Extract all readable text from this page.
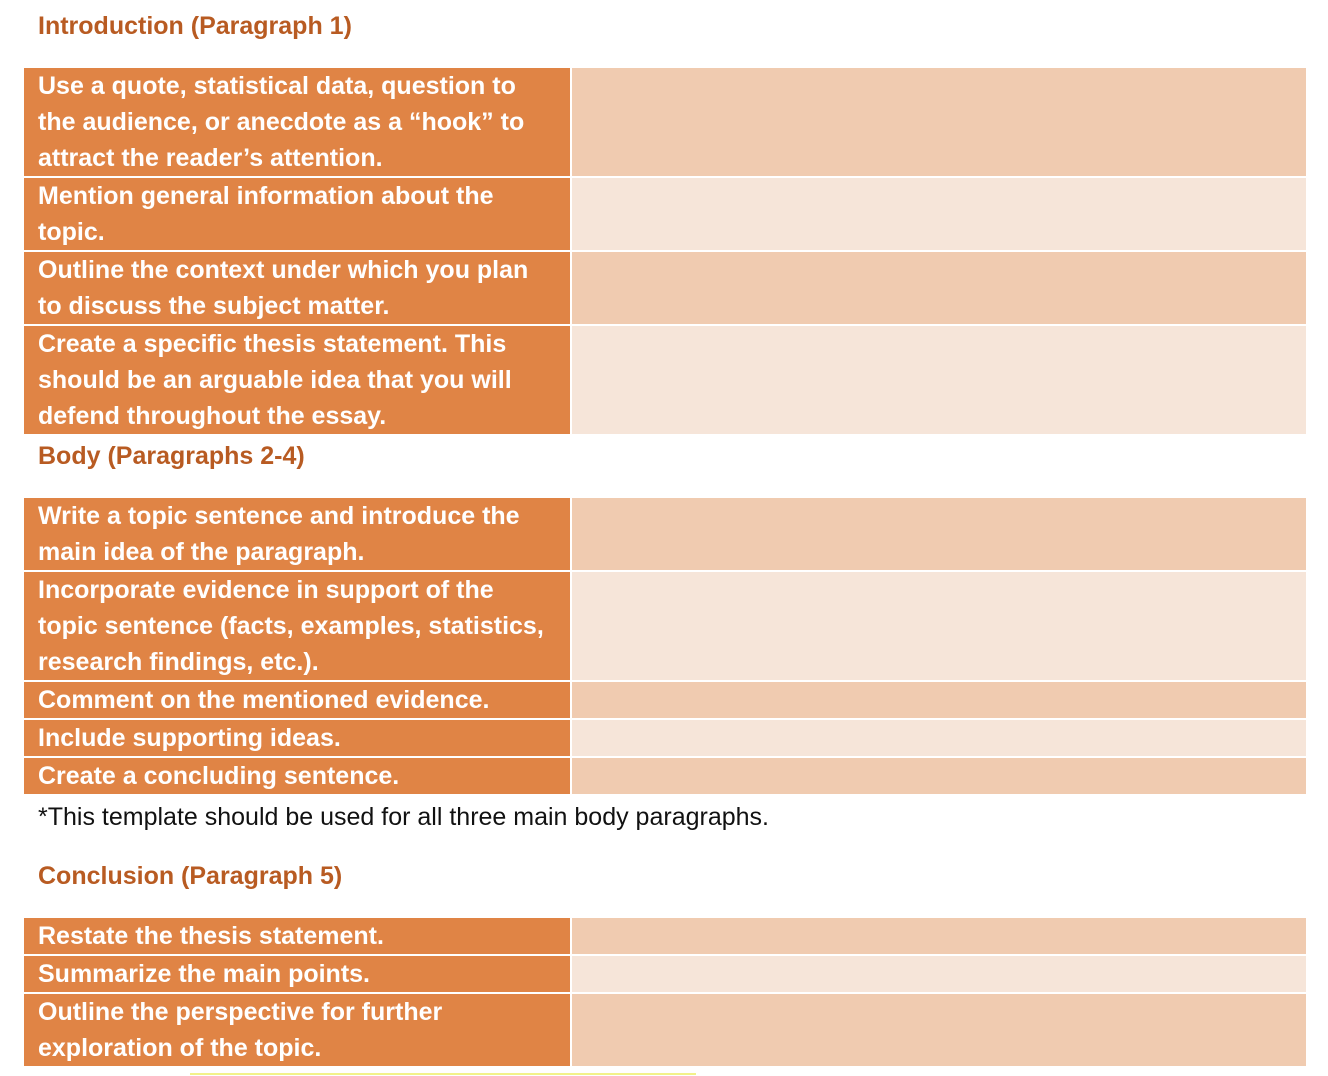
Introduction (Paragraph 1)
Use a quote, statistical data, question to the audience, or anecdote as a “hook” to attract the reader’s attention.
Mention general information about the topic.
Outline the context under which you plan to discuss the subject matter.
Create a specific thesis statement. This should be an arguable idea that you will defend throughout the essay.
Body (Paragraphs 2-4)
Write a topic sentence and introduce the main idea of the paragraph.
Incorporate evidence in support of the topic sentence (facts, examples, statistics, research findings, etc.).
Comment on the mentioned evidence.
Include supporting ideas.
Create a concluding sentence.
*This template should be used for all three main body paragraphs.
Conclusion (Paragraph 5)
Restate the thesis statement.
Summarize the main points.
Outline the perspective for further exploration of the topic.
